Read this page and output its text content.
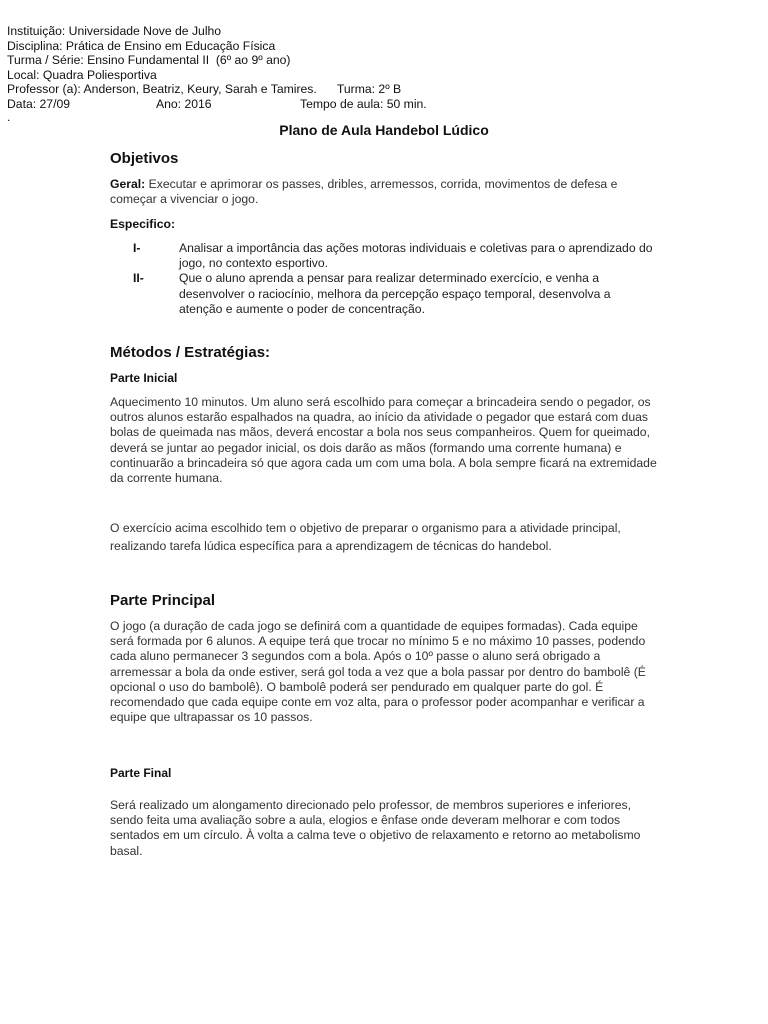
Instituição: Universidade Nove de Julho
Disciplina: Prática de Ensino em Educação Física
Turma / Série: Ensino Fundamental II  (6º ao 9º ano)
Local: Quadra Poliesportiva
Professor (a): Anderson, Beatriz, Keury, Sarah e Tamires.      Turma: 2º B
Data: 27/09	Ano: 2016	Tempo de aula: 50 min.
.
Plano de Aula Handebol Lúdico
Objetivos

Geral: Executar e aprimorar os passes, dribles, arremessos, corrida, movimentos de defesa e começar a vivenciar o jogo.

Especifico:

I-	Analisar a importância das ações motoras individuais e coletivas para o aprendizado do jogo, no contexto esportivo.
II-	Que o aluno aprenda a pensar para realizar determinado exercício, e venha a desenvolver o raciocínio, melhora da percepção espaço temporal, desenvolva a atenção e aumente o poder de concentração.
Métodos / Estratégias:
Parte Inicial

Aquecimento 10 minutos. Um aluno será escolhido para começar a brincadeira sendo o pegador, os outros alunos estarão espalhados na quadra, ao início da atividade o pegador que estará com duas bolas de queimada nas mãos, deverá encostar a bola nos seus companheiros. Quem for queimado, deverá se juntar ao pegador inicial, os dois darão as mãos (formando uma corrente humana) e continuarão a brincadeira só que agora cada um com uma bola. A bola sempre ficará na extremidade da corrente humana.

O exercício acima escolhido tem o objetivo de preparar o organismo para a atividade principal, realizando tarefa lúdica específica para a aprendizagem de técnicas do handebol.

Parte Principal

O jogo (a duração de cada jogo se definirá com a quantidade de equipes formadas). Cada equipe será formada por 6 alunos. A equipe terá que trocar no mínimo 5 e no máximo 10 passes, podendo cada aluno permanecer 3 segundos com a bola. Após o 10º passe o aluno será obrigado a arremessar a bola da onde estiver, será gol toda a vez que a bola passar por dentro do bambolê (É opcional o uso do bambolê). O bambolê poderá ser pendurado em qualquer parte do gol. É recomendado que cada equipe conte em voz alta, para o professor poder acompanhar e verificar a equipe que ultrapassar os 10 passos.

Parte Final

Será realizado um alongamento direcionado pelo professor, de membros superiores e inferiores, sendo feita uma avaliação sobre a aula, elogios e ênfase onde deveram melhorar e com todos sentados em um círculo. À volta a calma teve o objetivo de relaxamento e retorno ao metabolismo basal.
